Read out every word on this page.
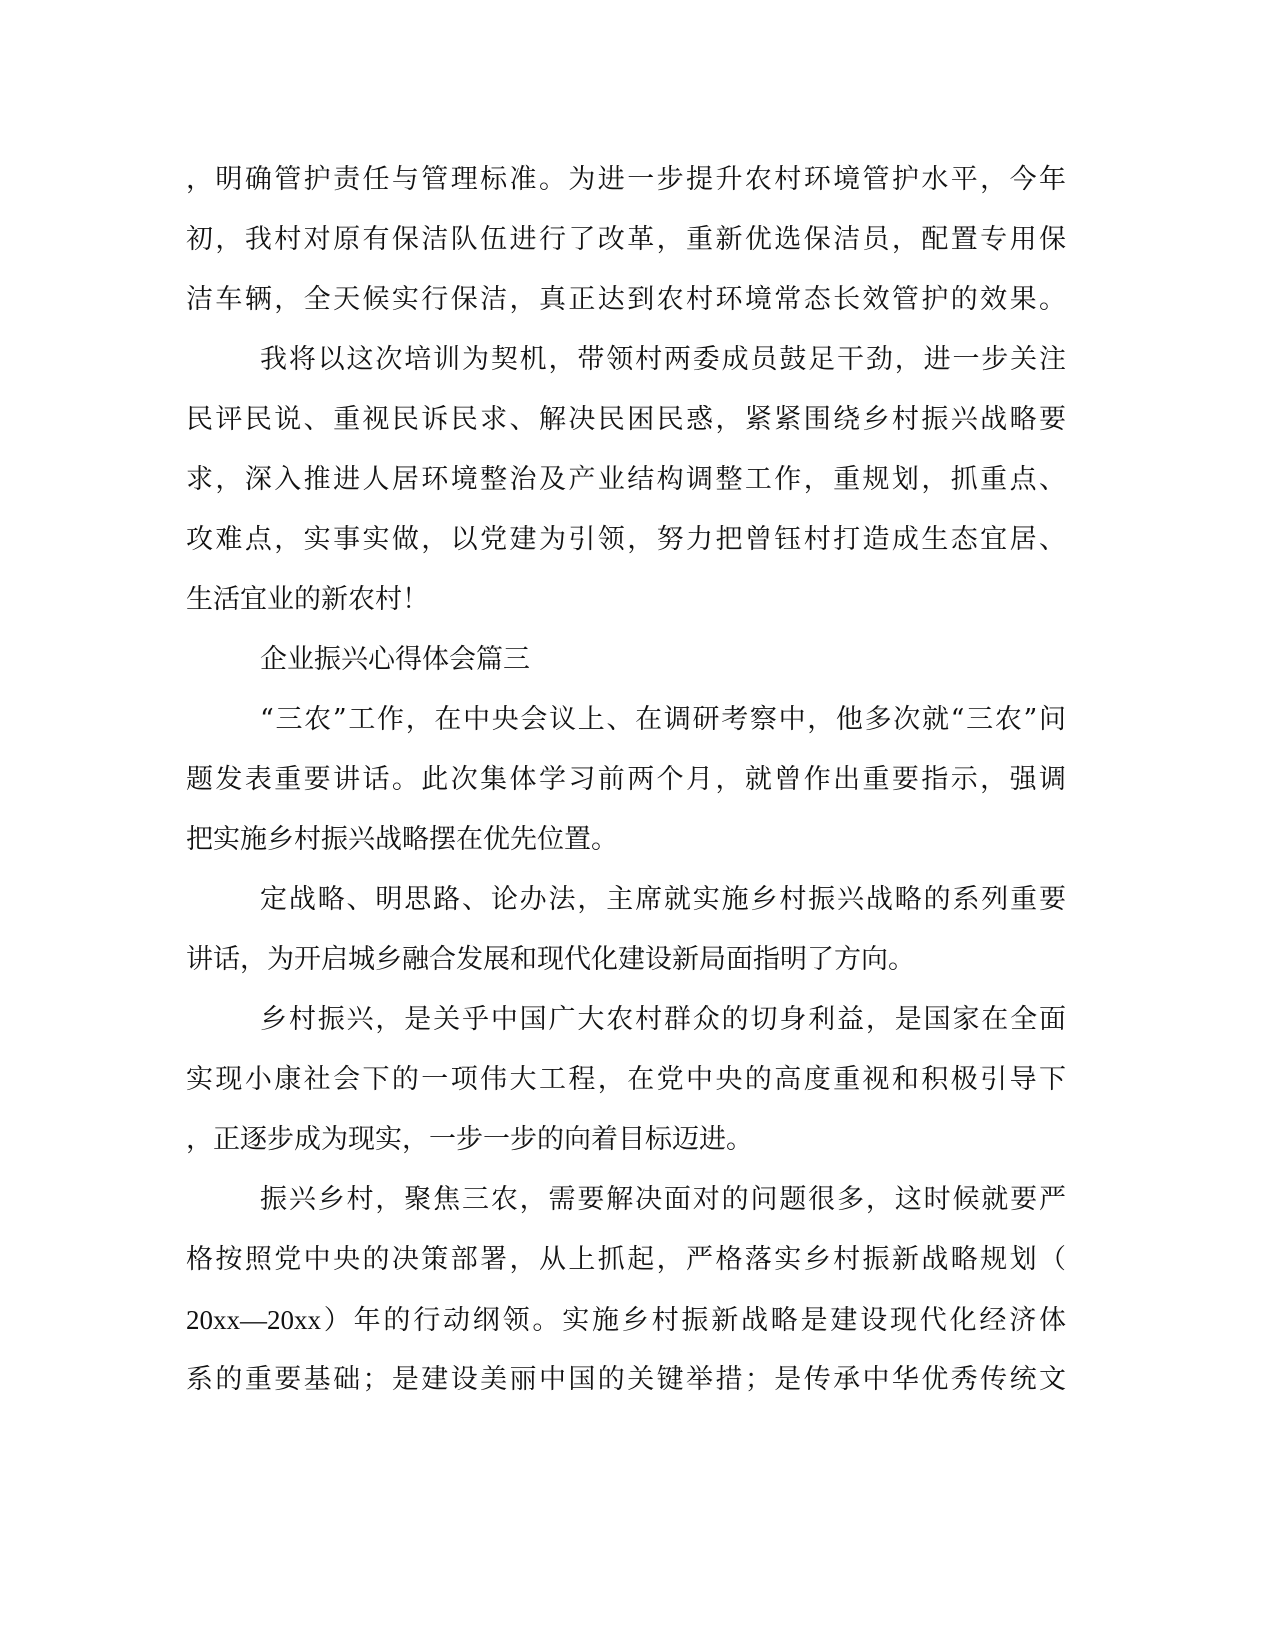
，明确管护责任与管理标准。为进一步提升农村环境管护水平，今年
初，我村对原有保洁队伍进行了改革，重新优选保洁员，配置专用保
洁车辆，全天候实行保洁，真正达到农村环境常态长效管护的效果。
我将以这次培训为契机，带领村两委成员鼓足干劲，进一步关注
民评民说、重视民诉民求、解决民困民惑，紧紧围绕乡村振兴战略要
求，深入推进人居环境整治及产业结构调整工作，重规划，抓重点、
攻难点，实事实做，以党建为引领，努力把曾钰村打造成生态宜居、
生活宜业的新农村！
企业振兴心得体会篇三
“三农”工作，在中央会议上、在调研考察中，他多次就“三农”问
题发表重要讲话。此次集体学习前两个月，就曾作出重要指示，强调
把实施乡村振兴战略摆在优先位置。
定战略、明思路、论办法，主席就实施乡村振兴战略的系列重要
讲话，为开启城乡融合发展和现代化建设新局面指明了方向。
乡村振兴，是关乎中国广大农村群众的切身利益，是国家在全面
实现小康社会下的一项伟大工程，在党中央的高度重视和积极引导下
，正逐步成为现实，一步一步的向着目标迈进。
振兴乡村，聚焦三农，需要解决面对的问题很多，这时候就要严
格按照党中央的决策部署，从上抓起，严格落实乡村振新战略规划（
20xx—20xx）年的行动纲领。实施乡村振新战略是建设现代化经济体
系的重要基础；是建设美丽中国的关键举措；是传承中华优秀传统文
